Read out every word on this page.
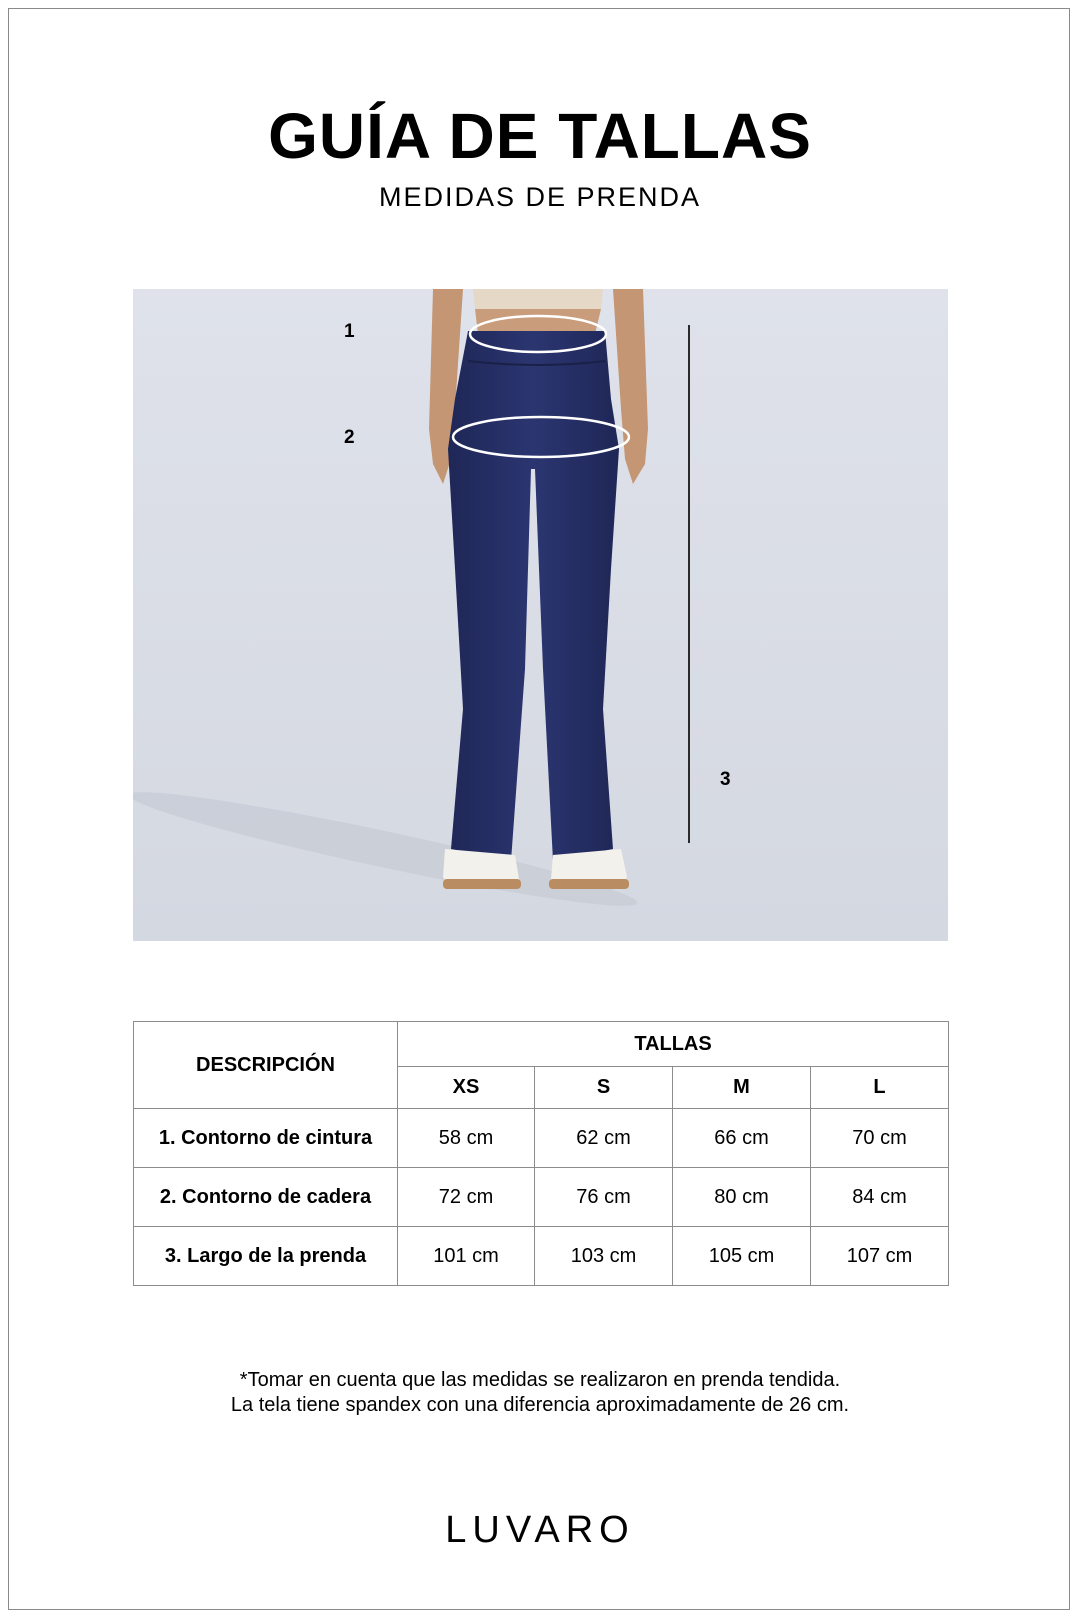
GUÍA DE TALLAS
MEDIDAS DE PRENDA
1
2
3
DESCRIPCIÓN	TALLAS			
	XS	S	M	L
1. Contorno de cintura	58 cm	62 cm	66 cm	70 cm
2. Contorno de cadera	72 cm	76 cm	80 cm	84 cm
3. Largo de la prenda	101 cm	103 cm	105 cm	107 cm
*Tomar en cuenta que las medidas se realizaron en prenda tendida.
La tela tiene spandex con una diferencia aproximadamente de 26 cm.
LUVARO
